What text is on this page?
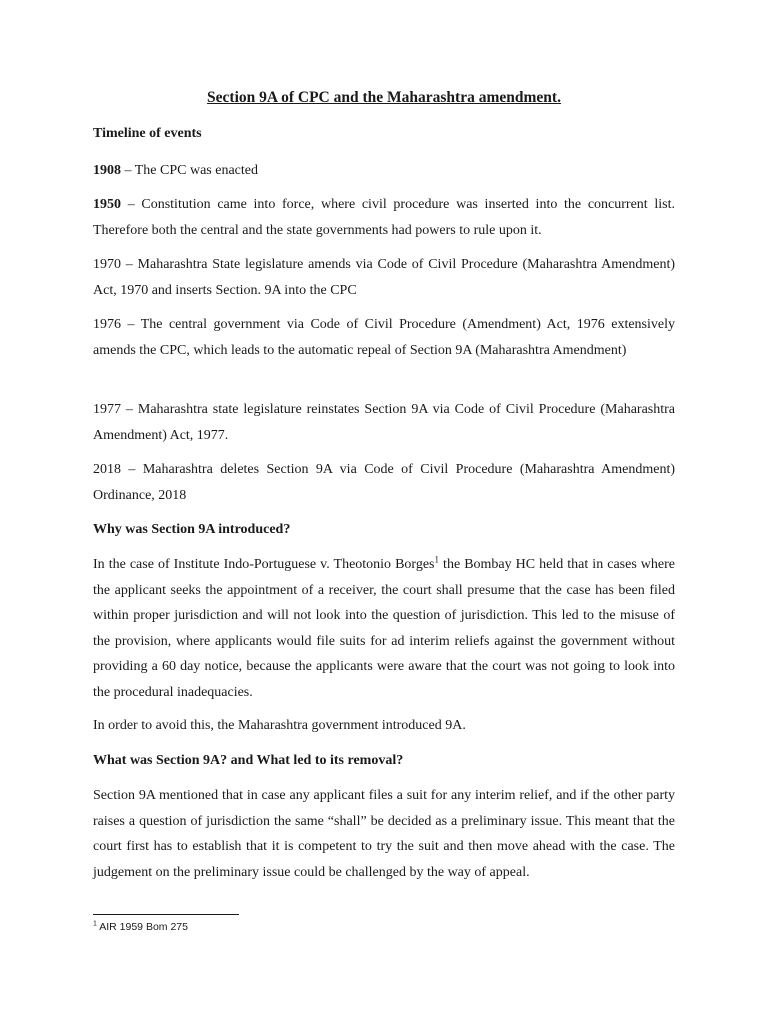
Section 9A of CPC and the Maharashtra amendment.
Timeline of events
1908 – The CPC was enacted
1950 – Constitution came into force, where civil procedure was inserted into the concurrent list. Therefore both the central and the state governments had powers to rule upon it.
1970 – Maharashtra State legislature amends via Code of Civil Procedure (Maharashtra Amendment) Act, 1970 and inserts Section. 9A into the CPC
1976 – The central government via Code of Civil Procedure (Amendment) Act, 1976 extensively amends the CPC, which leads to the automatic repeal of Section 9A (Maharashtra Amendment)
1977 – Maharashtra state legislature reinstates Section 9A via Code of Civil Procedure (Maharashtra Amendment) Act, 1977.
2018 – Maharashtra deletes Section 9A via Code of Civil Procedure (Maharashtra Amendment) Ordinance, 2018
Why was Section 9A introduced?
In the case of Institute Indo-Portuguese v. Theotonio Borges$^1$ the Bombay HC held that in cases where the applicant seeks the appointment of a receiver, the court shall presume that the case has been filed within proper jurisdiction and will not look into the question of jurisdiction. This led to the misuse of the provision, where applicants would file suits for ad interim reliefs against the government without providing a 60 day notice, because the applicants were aware that the court was not going to look into the procedural inadequacies.
In order to avoid this, the Maharashtra government introduced 9A.
What was Section 9A? and What led to its removal?
Section 9A mentioned that in case any applicant files a suit for any interim relief, and if the other party raises a question of jurisdiction the same “shall” be decided as a preliminary issue. This meant that the court first has to establish that it is competent to try the suit and then move ahead with the case. The judgement on the preliminary issue could be challenged by the way of appeal.
$^1$ AIR 1959 Bom 275
